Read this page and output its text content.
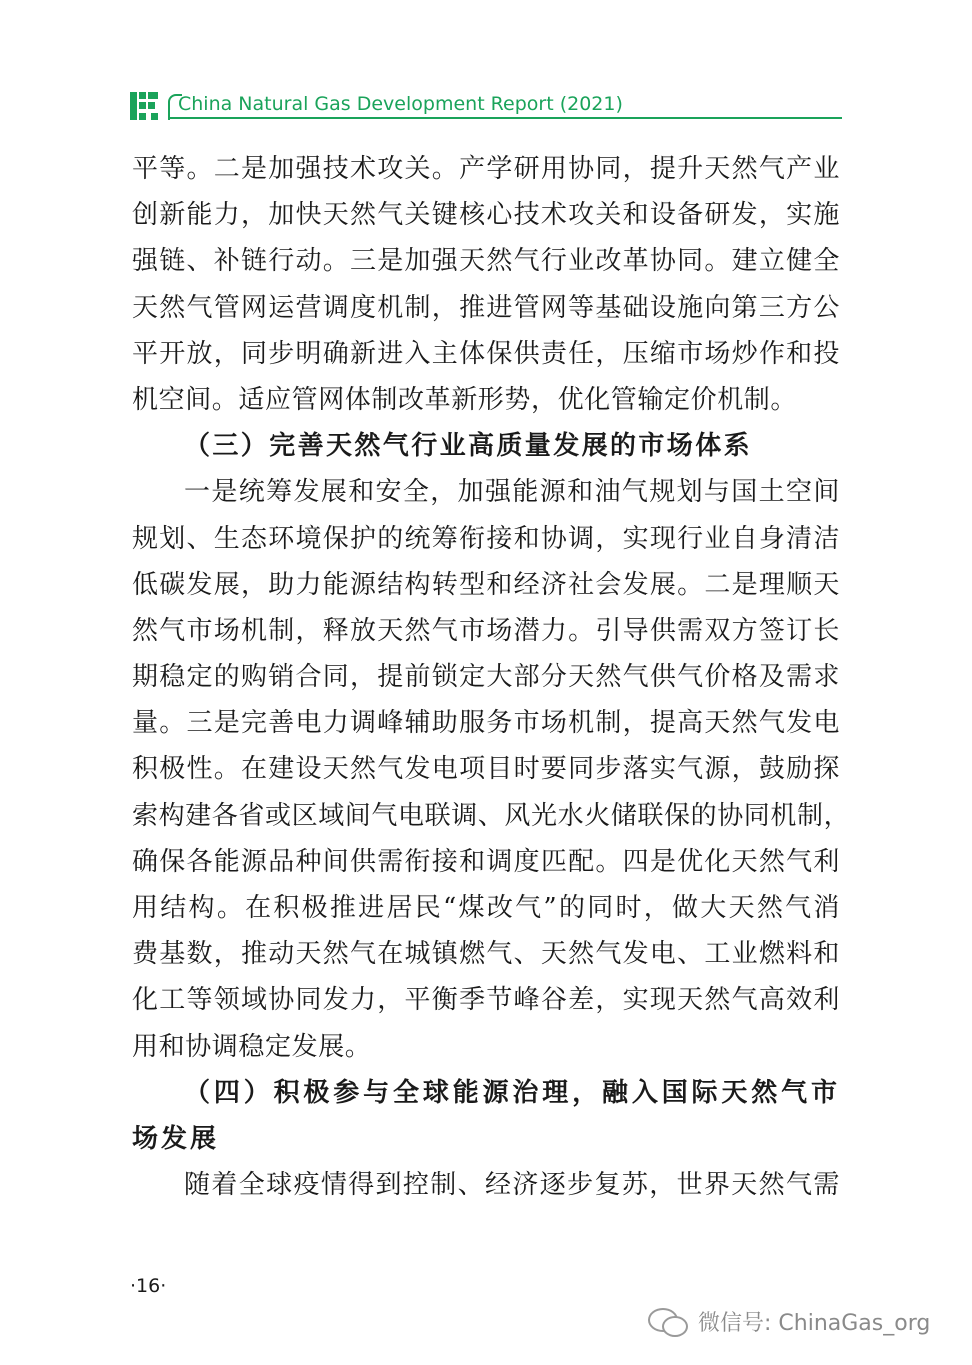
China Natural Gas Development Report (2021)
平等。二是加强技术攻关。产学研用协同，提升天然气产业
创新能力，加快天然气关键核心技术攻关和设备研发，实施
强链、补链行动。三是加强天然气行业改革协同。建立健全
天然气管网运营调度机制，推进管网等基础设施向第三方公
平开放，同步明确新进入主体保供责任，压缩市场炒作和投
机空间。适应管网体制改革新形势，优化管输定价机制。
（三）完善天然气行业高质量发展的市场体系
一是统筹发展和安全，加强能源和油气规划与国土空间
规划、生态环境保护的统筹衔接和协调，实现行业自身清洁
低碳发展，助力能源结构转型和经济社会发展。二是理顺天
然气市场机制，释放天然气市场潜力。引导供需双方签订长
期稳定的购销合同，提前锁定大部分天然气供气价格及需求
量。三是完善电力调峰辅助服务市场机制，提高天然气发电
积极性。在建设天然气发电项目时要同步落实气源，鼓励探
索构建各省或区域间气电联调、风光水火储联保的协同机制，
确保各能源品种间供需衔接和调度匹配。四是优化天然气利
用结构。在积极推进居民“煤改气”的同时，做大天然气消
费基数，推动天然气在城镇燃气、天然气发电、工业燃料和
化工等领域协同发力，平衡季节峰谷差，实现天然气高效利
用和协调稳定发展。
（四）积极参与全球能源治理，融入国际天然气市
场发展
随着全球疫情得到控制、经济逐步复苏，世界天然气需
·16·
微信号: ChinaGas_org
